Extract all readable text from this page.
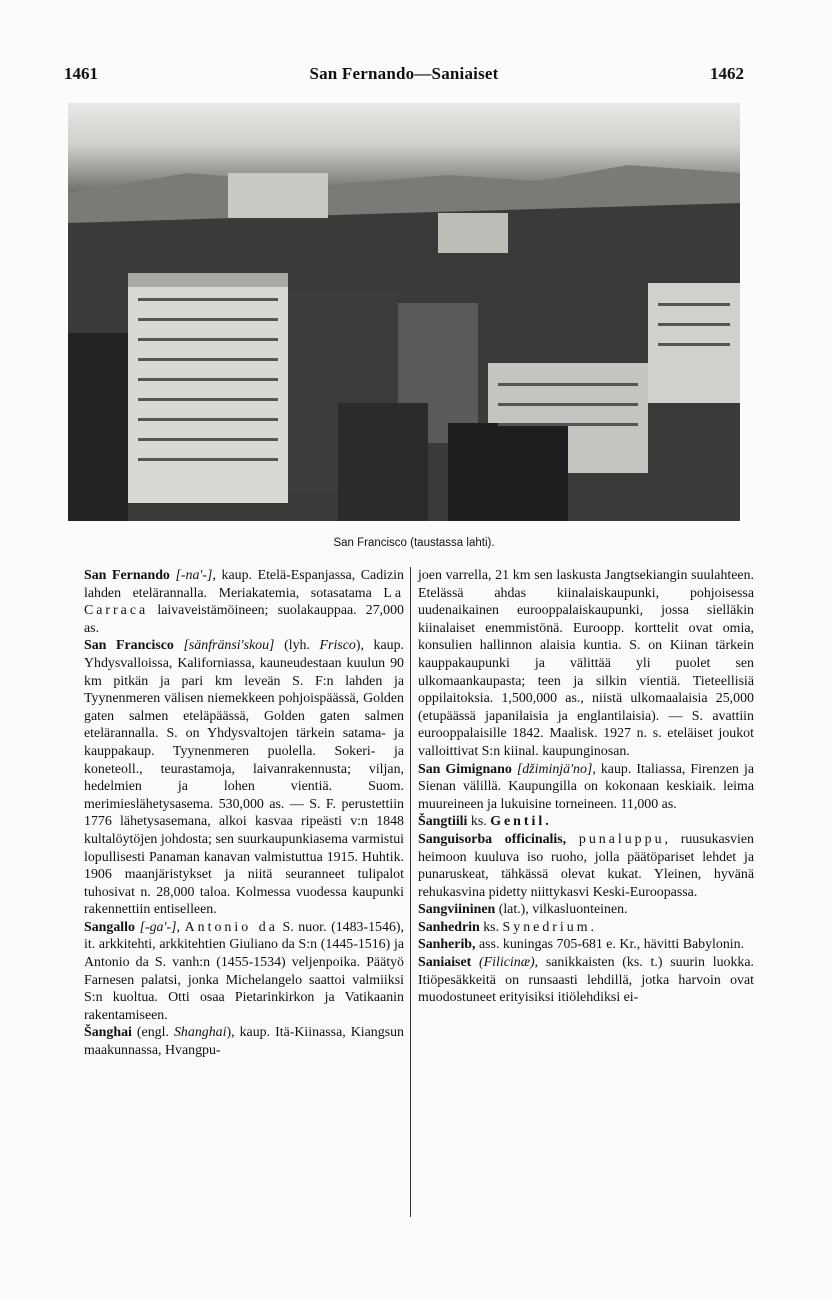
1461	San Fernando—Saniaiset	1462
San Francisco (taustassa lahti).

San Fernando [-na'-], kaup. Etelä-Espanjassa, Cadizin lahden etelärannalla. Meriakatemia, sotasatama La Carraca laivaveistämöineen; suolakauppaa. 27,000 as.

San Francisco [sänfränsi'skou] (lyh. Frisco), kaup. Yhdysvalloissa, Kaliforniassa, kauneudestaan kuulun 90 km pitkän ja pari km leveän S. F:n lahden ja Tyynenmeren välisen niemekkeen pohjoispäässä, Golden gaten salmen eteläpäässä, Golden gaten salmen etelärannalla. S. on Yhdysvaltojen tärkein satama- ja kauppakaup. Tyynenmeren puolella. Sokeri- ja koneteoll., teurastamoja, laivanrakennusta; viljan, hedelmien ja lohen vientiä. Suom. merimieslähetysasema. 530,000 as. — S. F. perustettiin 1776 lähetysasemana, alkoi kasvaa ripeästi v:n 1848 kultalöytöjen johdosta; sen suurkaupunkiasema varmistui lopullisesti Panaman kanavan valmistuttua 1915. Huhtik. 1906 maanjäristykset ja niitä seuranneet tulipalot tuhosivat n. 28,000 taloa. Kolmessa vuodessa kaupunki rakennettiin entiselleen.

Sangallo [-ga'-], Antonio da S. nuor. (1483-1546), it. arkkitehti, arkkitehtien Giuliano da S:n (1445-1516) ja Antonio da S. vanh:n (1455-1534) veljenpoika. Päätyö Farnesen palatsi, jonka Michelangelo saattoi valmiiksi S:n kuoltua. Otti osaa Pietarinkirkon ja Vatikaanin rakentamiseen.

Šanghai (engl. Shanghai), kaup. Itä-Kiinassa, Kiangsun maakunnassa, Hvangpu-

joen varrella, 21 km sen laskusta Jangtsekiangin suulahteen. Etelässä ahdas kiinalaiskaupunki, pohjoisessa uudenaikainen eurooppalaiskaupunki, jossa sielläkin kiinalaiset enemmistönä. Euroopp. korttelit ovat omia, konsulien hallinnon alaisia kuntia. S. on Kiinan tärkein kauppakaupunki ja välittää yli puolet sen ulkomaankaupasta; teen ja silkin vientiä. Tieteellisiä oppilaitoksia. 1,500,000 as., niistä ulkomaalaisia 25,000 (etupäässä japanilaisia ja englantilaisia). — S. avattiin eurooppalaisille 1842. Maalisk. 1927 n. s. eteläiset joukot valloittivat S:n kiinal. kaupunginosan.

San Gimignano [džiminjä'no], kaup. Italiassa, Firenzen ja Sienan välillä. Kaupungilla on kokonaan keskiaik. leima muureineen ja lukuisine torneineen. 11,000 as.

Šangtiili ks. Gentil.

Sanguisorba officinalis, punaluppu, ruusukasvien heimoon kuuluva iso ruoho, jolla päätöpariset lehdet ja punaruskeat, tähkässä olevat kukat. Yleinen, hyvänä rehukasvina pidetty niittykasvi Keski-Euroopassa.

Sangviininen (lat.), vilkasluonteinen.

Sanhedrin ks. Synedrium.

Sanherib, ass. kuningas 705-681 e. Kr., hävitti Babylonin.

Saniaiset (Filicinæ), sanikkaisten (ks. t.) suurin luokka. Itiöpesäkkeitä on runsaasti lehdillä, jotka harvoin ovat muodostuneet erityisiksi itiölehdiksi ei-
